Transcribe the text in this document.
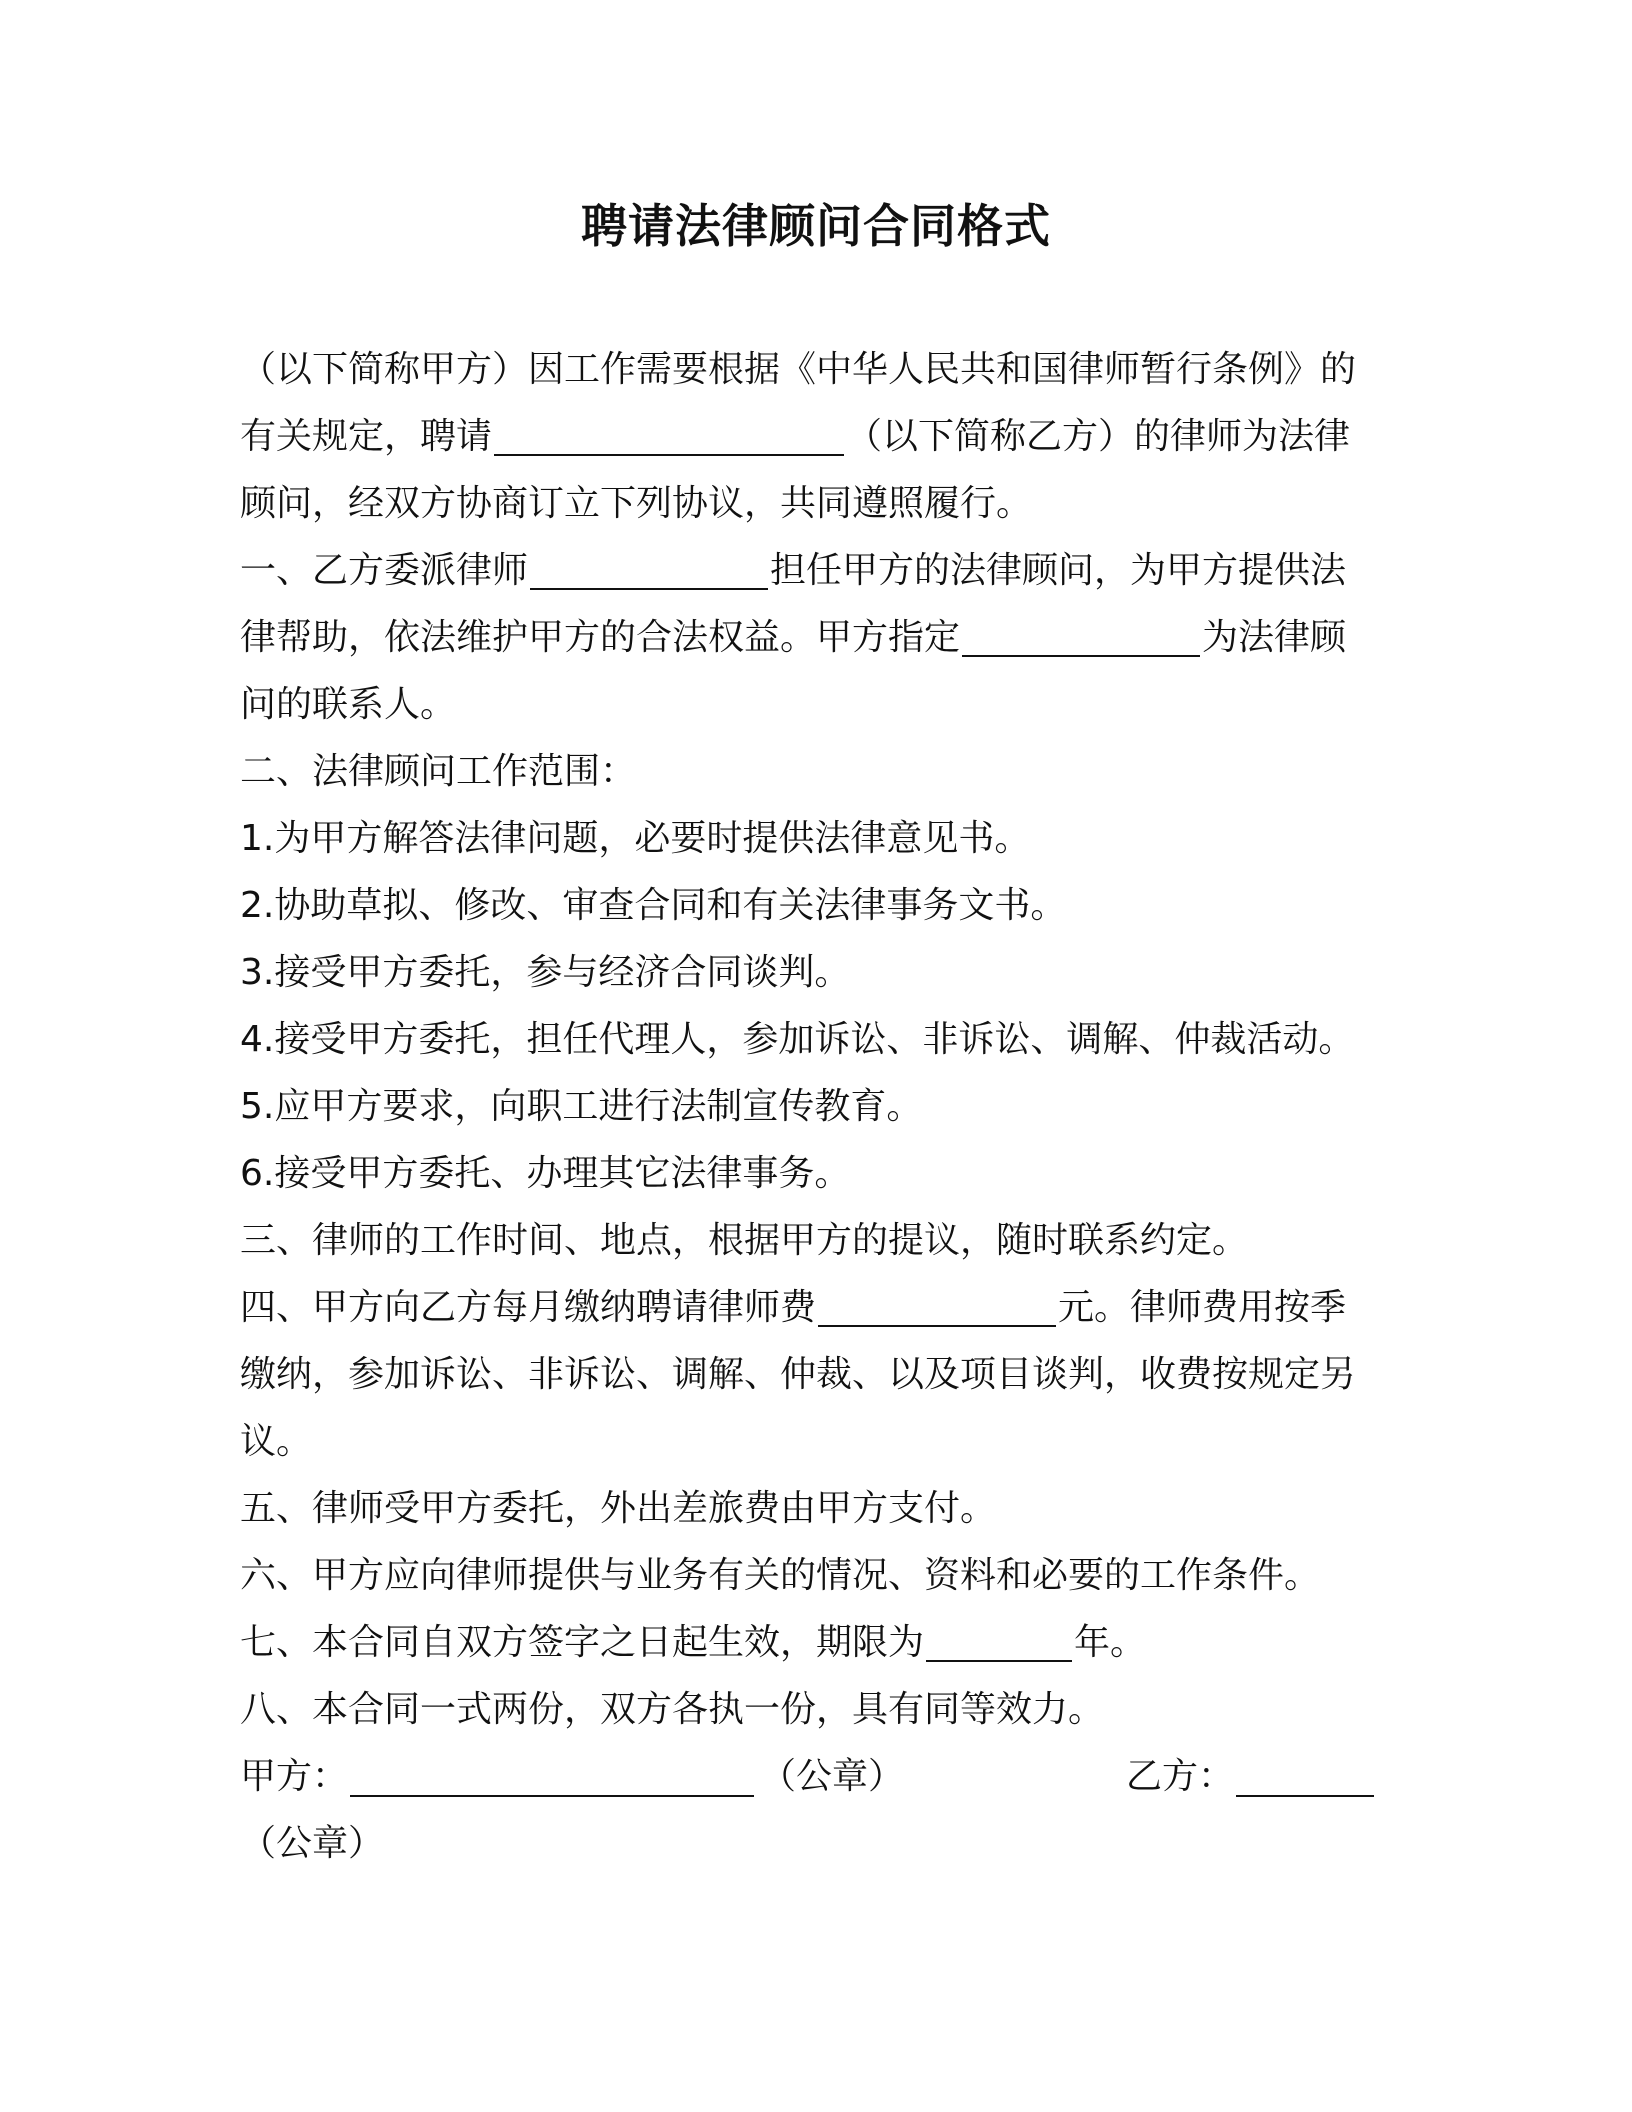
聘请法律顾问合同格式
（以下简称甲方）因工作需要根据《中华人民共和国律师暂行条例》的
有关规定，聘请	（以下简称乙方）的律师为法律
顾问，经双方协商订立下列协议，共同遵照履行。
一、乙方委派律师	担任甲方的法律顾问，为甲方提供法
律帮助，依法维护甲方的合法权益。甲方指定	为法律顾
问的联系人。
二、法律顾问工作范围：
1.为甲方解答法律问题，必要时提供法律意见书。
2.协助草拟、修改、审查合同和有关法律事务文书。
3.接受甲方委托，参与经济合同谈判。
4.接受甲方委托，担任代理人，参加诉讼、非诉讼、调解、仲裁活动。
5.应甲方要求，向职工进行法制宣传教育。
6.接受甲方委托、办理其它法律事务。
三、律师的工作时间、地点，根据甲方的提议，随时联系约定。
四、甲方向乙方每月缴纳聘请律师费	元。律师费用按季
缴纳，参加诉讼、非诉讼、调解、仲裁、以及项目谈判，收费按规定另
议。
五、律师受甲方委托，外出差旅费由甲方支付。
六、甲方应向律师提供与业务有关的情况、资料和必要的工作条件。
七、本合同自双方签字之日起生效，期限为	年。
八、本合同一式两份，双方各执一份，具有同等效力。
甲方：	（公章）	乙方：
（公章）
